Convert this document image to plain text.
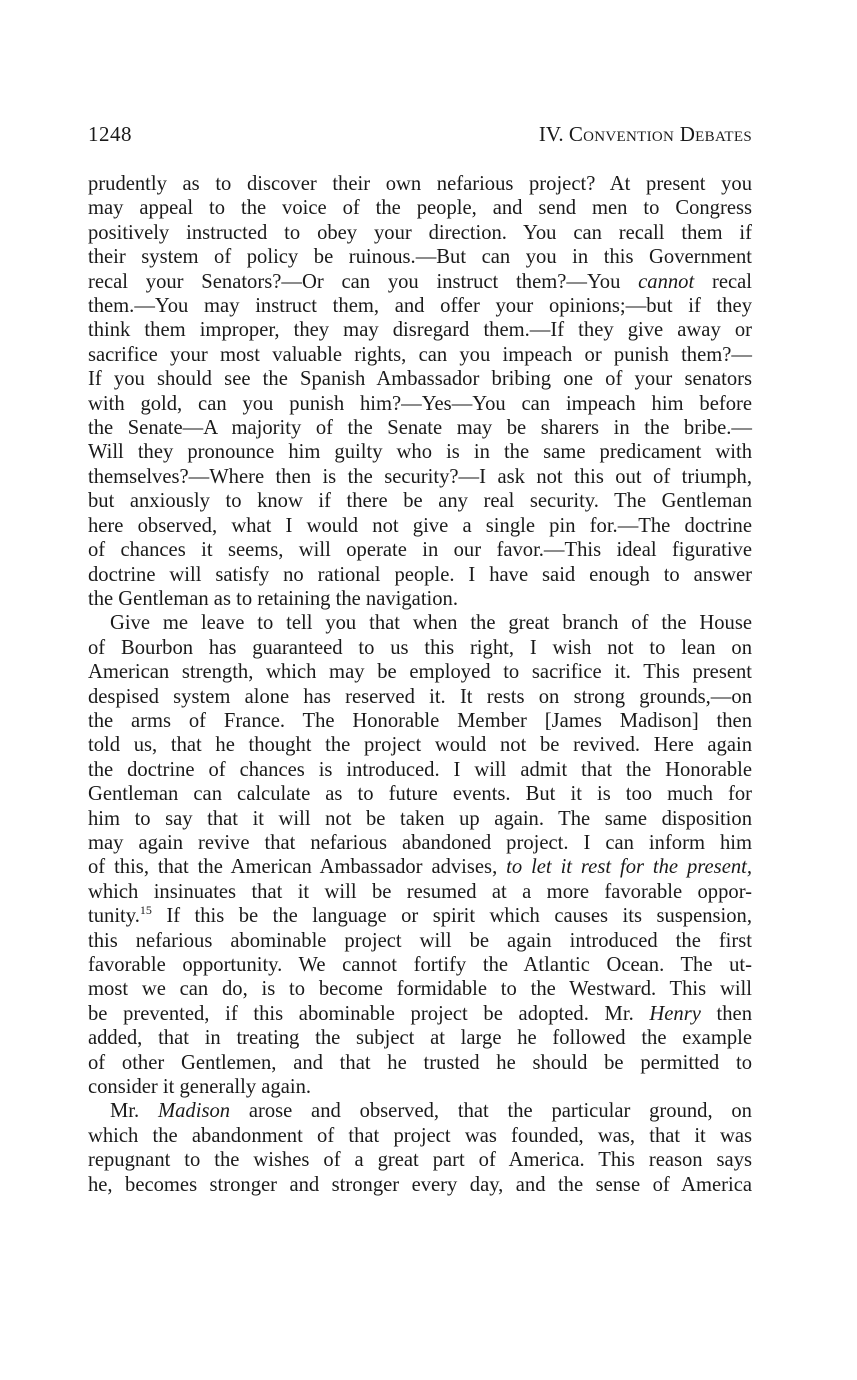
1248	IV. Convention Debates

prudently as to discover their own nefarious project? At present you
may appeal to the voice of the people, and send men to Congress
positively instructed to obey your direction. You can recall them if
their system of policy be ruinous.—But can you in this Government
recal your Senators?—Or can you instruct them?—You cannot recal
them.—You may instruct them, and offer your opinions;—but if they
think them improper, they may disregard them.—If they give away or
sacrifice your most valuable rights, can you impeach or punish them?—
If you should see the Spanish Ambassador bribing one of your senators
with gold, can you punish him?—Yes—You can impeach him before
the Senate—A majority of the Senate may be sharers in the bribe.—
Will they pronounce him guilty who is in the same predicament with
themselves?—Where then is the security?—I ask not this out of triumph,
but anxiously to know if there be any real security. The Gentleman
here observed, what I would not give a single pin for.—The doctrine
of chances it seems, will operate in our favor.—This ideal figurative
doctrine will satisfy no rational people. I have said enough to answer
the Gentleman as to retaining the navigation.

Give me leave to tell you that when the great branch of the House
of Bourbon has guaranteed to us this right, I wish not to lean on
American strength, which may be employed to sacrifice it. This present
despised system alone has reserved it. It rests on strong grounds,—on
the arms of France. The Honorable Member [James Madison] then
told us, that he thought the project would not be revived. Here again
the doctrine of chances is introduced. I will admit that the Honorable
Gentleman can calculate as to future events. But it is too much for
him to say that it will not be taken up again. The same disposition
may again revive that nefarious abandoned project. I can inform him
of this, that the American Ambassador advises, to let it rest for the present,
which insinuates that it will be resumed at a more favorable oppor-
tunity.$^{15}$ If this be the language or spirit which causes its suspension,
this nefarious abominable project will be again introduced the first
favorable opportunity. We cannot fortify the Atlantic Ocean. The ut-
most we can do, is to become formidable to the Westward. This will
be prevented, if this abominable project be adopted. Mr. Henry then
added, that in treating the subject at large he followed the example
of other Gentlemen, and that he trusted he should be permitted to
consider it generally again.

Mr. Madison arose and observed, that the particular ground, on
which the abandonment of that project was founded, was, that it was
repugnant to the wishes of a great part of America. This reason says
he, becomes stronger and stronger every day, and the sense of America
